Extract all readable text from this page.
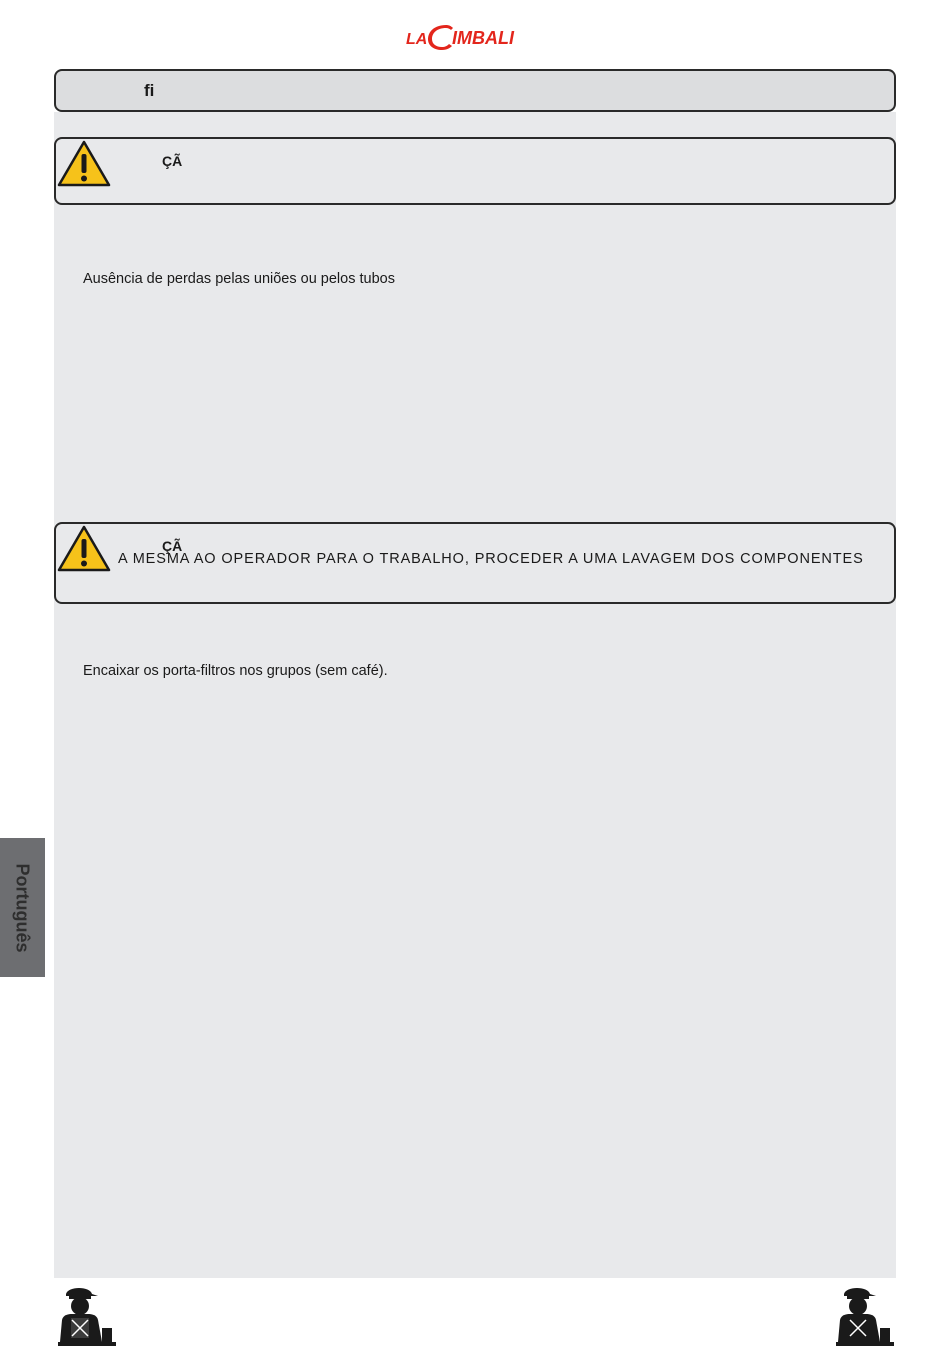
LA IMBALI
fi
ÇÃ

Ausência de perdas pelas uniões ou pelos tubos

ÇÃ
A MESMA AO OPERADOR PARA O TRABALHO, PROCEDER A UMA LAVAGEM DOS COMPONENTES

Encaixar os porta-filtros nos grupos (sem café).

Português
